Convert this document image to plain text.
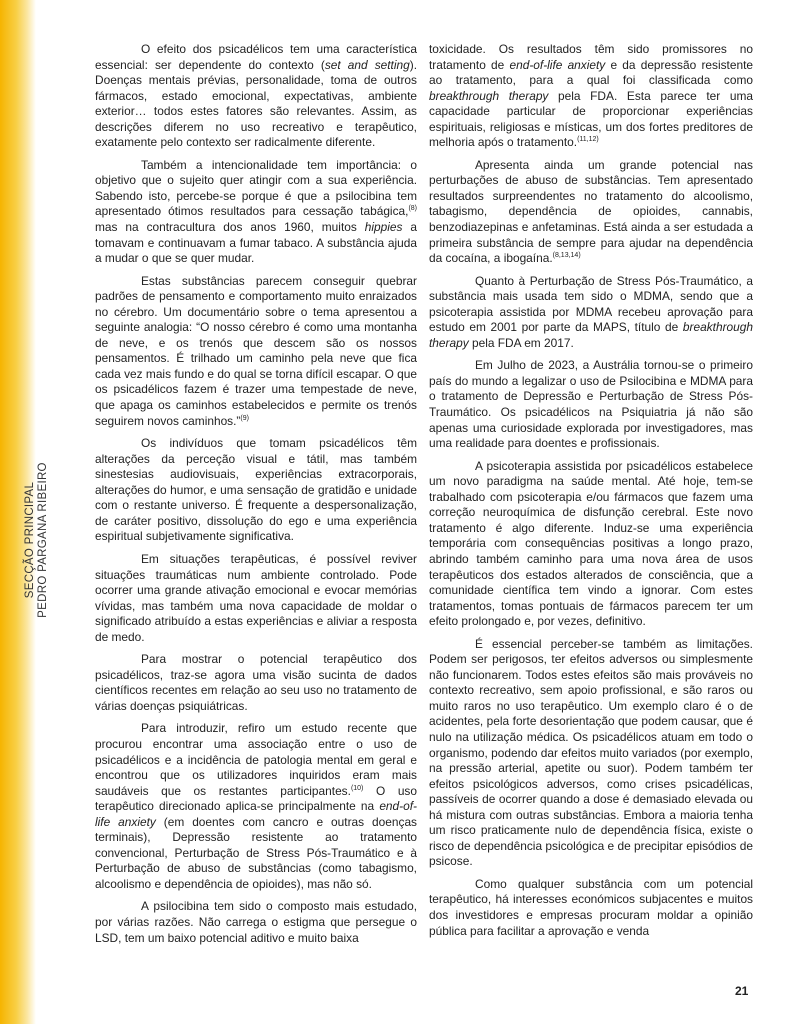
SECÇÃO PRINCIPAL PEDRO PARGANA RIBEIRO

O efeito dos psicadélicos tem uma característica essencial: ser dependente do contexto (set and setting). Doenças mentais prévias, personalidade, toma de outros fármacos, estado emocional, expectativas, ambiente exterior… todos estes fatores são relevantes. Assim, as descrições diferem no uso recreativo e terapêutico, exatamente pelo contexto ser radicalmente diferente.

Também a intencionalidade tem importância: o objetivo que o sujeito quer atingir com a sua experiência. Sabendo isto, percebe-se porque é que a psilocibina tem apresentado ótimos resultados para cessação tabágica,$^{(8)}$ mas na contracultura dos anos 1960, muitos hippies a tomavam e continuavam a fumar tabaco. A substância ajuda a mudar o que se quer mudar.

Estas substâncias parecem conseguir quebrar padrões de pensamento e comportamento muito enraizados no cérebro. Um documentário sobre o tema apresentou a seguinte analogia: “O nosso cérebro é como uma montanha de neve, e os trenós que descem são os nossos pensamentos. É trilhado um caminho pela neve que fica cada vez mais fundo e do qual se torna difícil escapar. O que os psicadélicos fazem é trazer uma tempestade de neve, que apaga os caminhos estabelecidos e permite os trenós seguirem novos caminhos.”$^{(9)}$

Os indivíduos que tomam psicadélicos têm alterações da perceção visual e tátil, mas também sinestesias audiovisuais, experiências extracorporais, alterações do humor, e uma sensação de gratidão e unidade com o restante universo. É frequente a despersonalização, de caráter positivo, dissolução do ego e uma experiência espiritual subjetivamente significativa.

Em situações terapêuticas, é possível reviver situações traumáticas num ambiente controlado. Pode ocorrer uma grande ativação emocional e evocar memórias vívidas, mas também uma nova capacidade de moldar o significado atribuído a estas experiências e aliviar a resposta de medo.

Para mostrar o potencial terapêutico dos psicadélicos, traz-se agora uma visão sucinta de dados científicos recentes em relação ao seu uso no tratamento de várias doenças psiquiátricas.

Para introduzir, refiro um estudo recente que procurou encontrar uma associação entre o uso de psicadélicos e a incidência de patologia mental em geral e encontrou que os utilizadores inquiridos eram mais saudáveis que os restantes participantes.$^{(10)}$ O uso terapêutico direcionado aplica-se principalmente na end-of-life anxiety (em doentes com cancro e outras doenças terminais), Depressão resistente ao tratamento convencional, Perturbação de Stress Pós-Traumático e à Perturbação de abuso de substâncias (como tabagismo, alcoolismo e dependência de opioides), mas não só.

A psilocibina tem sido o composto mais estudado, por várias razões. Não carrega o estigma que persegue o LSD, tem um baixo potencial aditivo e muito baixa

toxicidade. Os resultados têm sido promissores no tratamento de end-of-life anxiety e da depressão resistente ao tratamento, para a qual foi classificada como breakthrough therapy pela FDA. Esta parece ter uma capacidade particular de proporcionar experiências espirituais, religiosas e místicas, um dos fortes preditores de melhoria após o tratamento.$^{(11,12)}$

Apresenta ainda um grande potencial nas perturbações de abuso de substâncias. Tem apresentado resultados surpreendentes no tratamento do alcoolismo, tabagismo, dependência de opioides, cannabis, benzodiazepinas e anfetaminas. Está ainda a ser estudada a primeira substância de sempre para ajudar na dependência da cocaína, a ibogaína.$^{(8,13,14)}$

Quanto à Perturbação de Stress Pós-Traumático, a substância mais usada tem sido o MDMA, sendo que a psicoterapia assistida por MDMA recebeu aprovação para estudo em 2001 por parte da MAPS, título de breakthrough therapy pela FDA em 2017.

Em Julho de 2023, a Austrália tornou-se o primeiro país do mundo a legalizar o uso de Psilocibina e MDMA para o tratamento de Depressão e Perturbação de Stress Pós-Traumático. Os psicadélicos na Psiquiatria já não são apenas uma curiosidade explorada por investigadores, mas uma realidade para doentes e profissionais.

A psicoterapia assistida por psicadélicos estabelece um novo paradigma na saúde mental. Até hoje, tem-se trabalhado com psicoterapia e/ou fármacos que fazem uma correção neuroquímica de disfunção cerebral. Este novo tratamento é algo diferente. Induz-se uma experiência temporária com consequências positivas a longo prazo, abrindo também caminho para uma nova área de usos terapêuticos dos estados alterados de consciência, que a comunidade científica tem vindo a ignorar. Com estes tratamentos, tomas pontuais de fármacos parecem ter um efeito prolongado e, por vezes, definitivo.

É essencial perceber-se também as limitações. Podem ser perigosos, ter efeitos adversos ou simplesmente não funcionarem. Todos estes efeitos são mais prováveis no contexto recreativo, sem apoio profissional, e são raros ou muito raros no uso terapêutico. Um exemplo claro é o de acidentes, pela forte desorientação que podem causar, que é nulo na utilização médica. Os psicadélicos atuam em todo o organismo, podendo dar efeitos muito variados (por exemplo, na pressão arterial, apetite ou suor). Podem também ter efeitos psicológicos adversos, como crises psicadélicas, passíveis de ocorrer quando a dose é demasiado elevada ou há mistura com outras substâncias. Embora a maioria tenha um risco praticamente nulo de dependência física, existe o risco de dependência psicológica e de precipitar episódios de psicose.

Como qualquer substância com um potencial terapêutico, há interesses económicos subjacentes e muitos dos investidores e empresas procuram moldar a opinião pública para facilitar a aprovação e venda

21
